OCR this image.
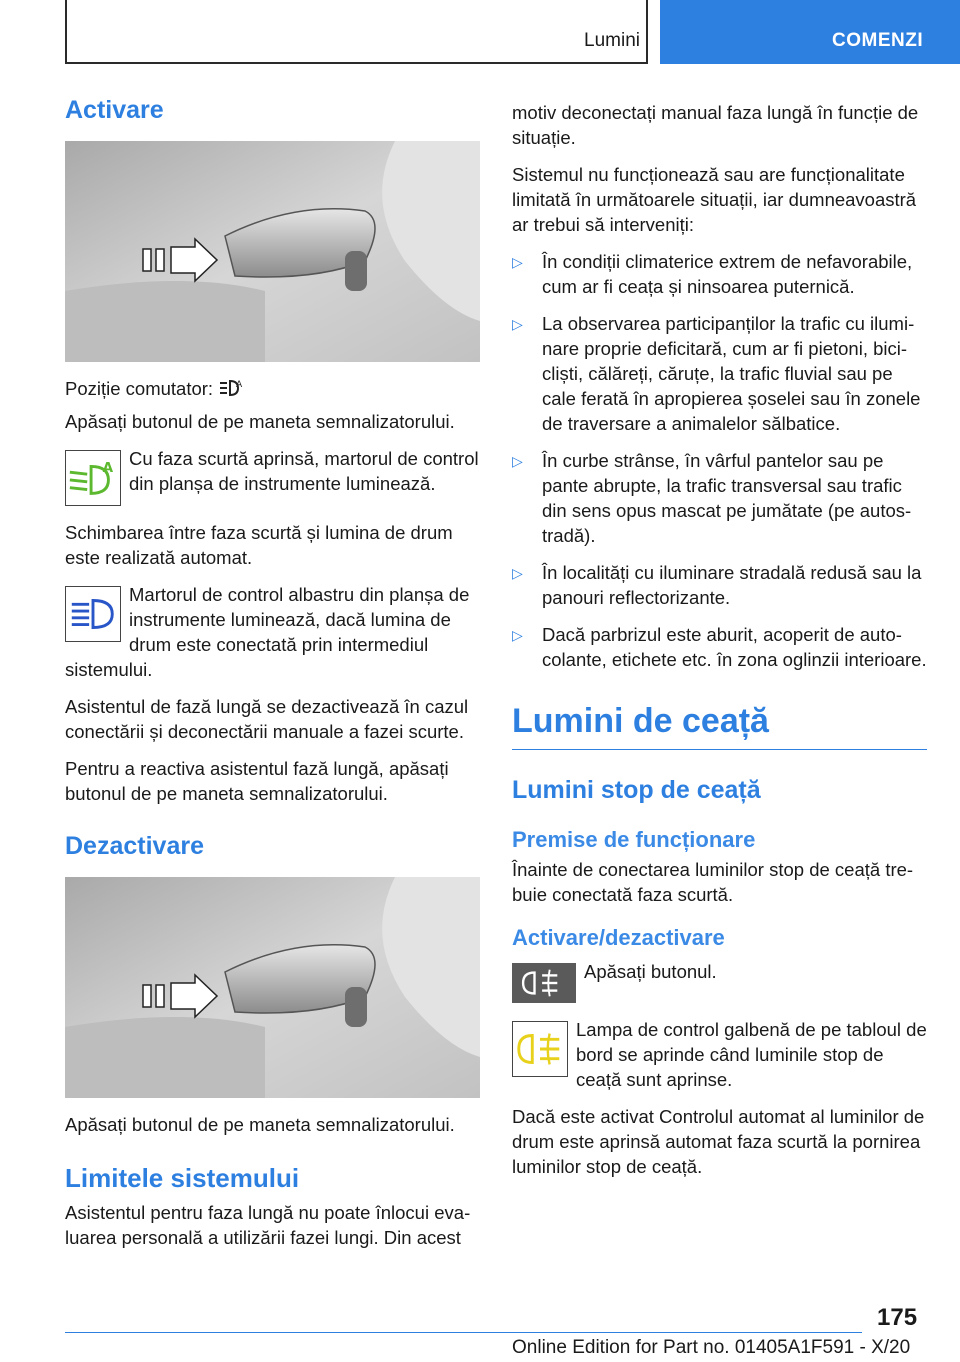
Lumini	COMENZI
Activare

Poziție comutator:	A

Apăsați butonul de pe maneta semnalizatorului.

A Cu faza scurtă aprinsă, martorul de control din planșa de instrumente luminează.

Schimbarea între faza scurtă și lumina de drum este realizată automat.

Martorul de control albastru din planșa de instrumente luminează, dacă lumina de drum este conectată prin intermediul sistemului.

Asistentul de fază lungă se dezactivează în cazul conectării și deconectării manuale a fazei scurte.

Pentru a reactiva asistentul fază lungă, apăsați butonul de pe maneta semnalizatorului.

Dezactivare

Apăsați butonul de pe maneta semnalizatorului.

Limitele sistemului

Asistentul pentru faza lungă nu poate înlocui evaluarea personală a utilizării fazei lungi. Din acest

motiv deconectați manual faza lungă în funcție de situație.

Sistemul nu funcționează sau are funcționalitate limitată în următoarele situații, iar dumneavoastră ar trebui să interveniți:

▷ În condiții climaterice extrem de nefavorabile, cum ar fi ceața și ninsoarea puternică.
▷ La observarea participanților la trafic cu iluminare proprie deficitară, cum ar fi pietoni, bicicliști, călăreți, căruțe, la trafic fluvial sau pe cale ferată în apropierea șoselei sau în zonele de traversare a animalelor sălbatice.
▷ În curbe strânse, în vârful pantelor sau pe pante abrupte, la trafic transversal sau trafic din sens opus mascat pe jumătate (pe autostradă).
▷ În localități cu iluminare stradală redusă sau la panouri reflectorizante.
▷ Dacă parbrizul este aburit, acoperit de autocolante, etichete etc. în zona oglinzii interioare.
Lumini de ceață
Lumini stop de ceață
Premise de funcționare

Înainte de conectarea luminilor stop de ceață trebuie conectată faza scurtă.

Activare/dezactivare

Apăsați butonul.

Lampa de control galbenă de pe tabloul de bord se aprinde când luminile stop de ceață sunt aprinse.

Dacă este activat Controlul automat al luminilor de drum este aprinsă automat faza scurtă la pornirea luminilor stop de ceață.

175
Online Edition for Part no. 01405A1F591 - X/20
